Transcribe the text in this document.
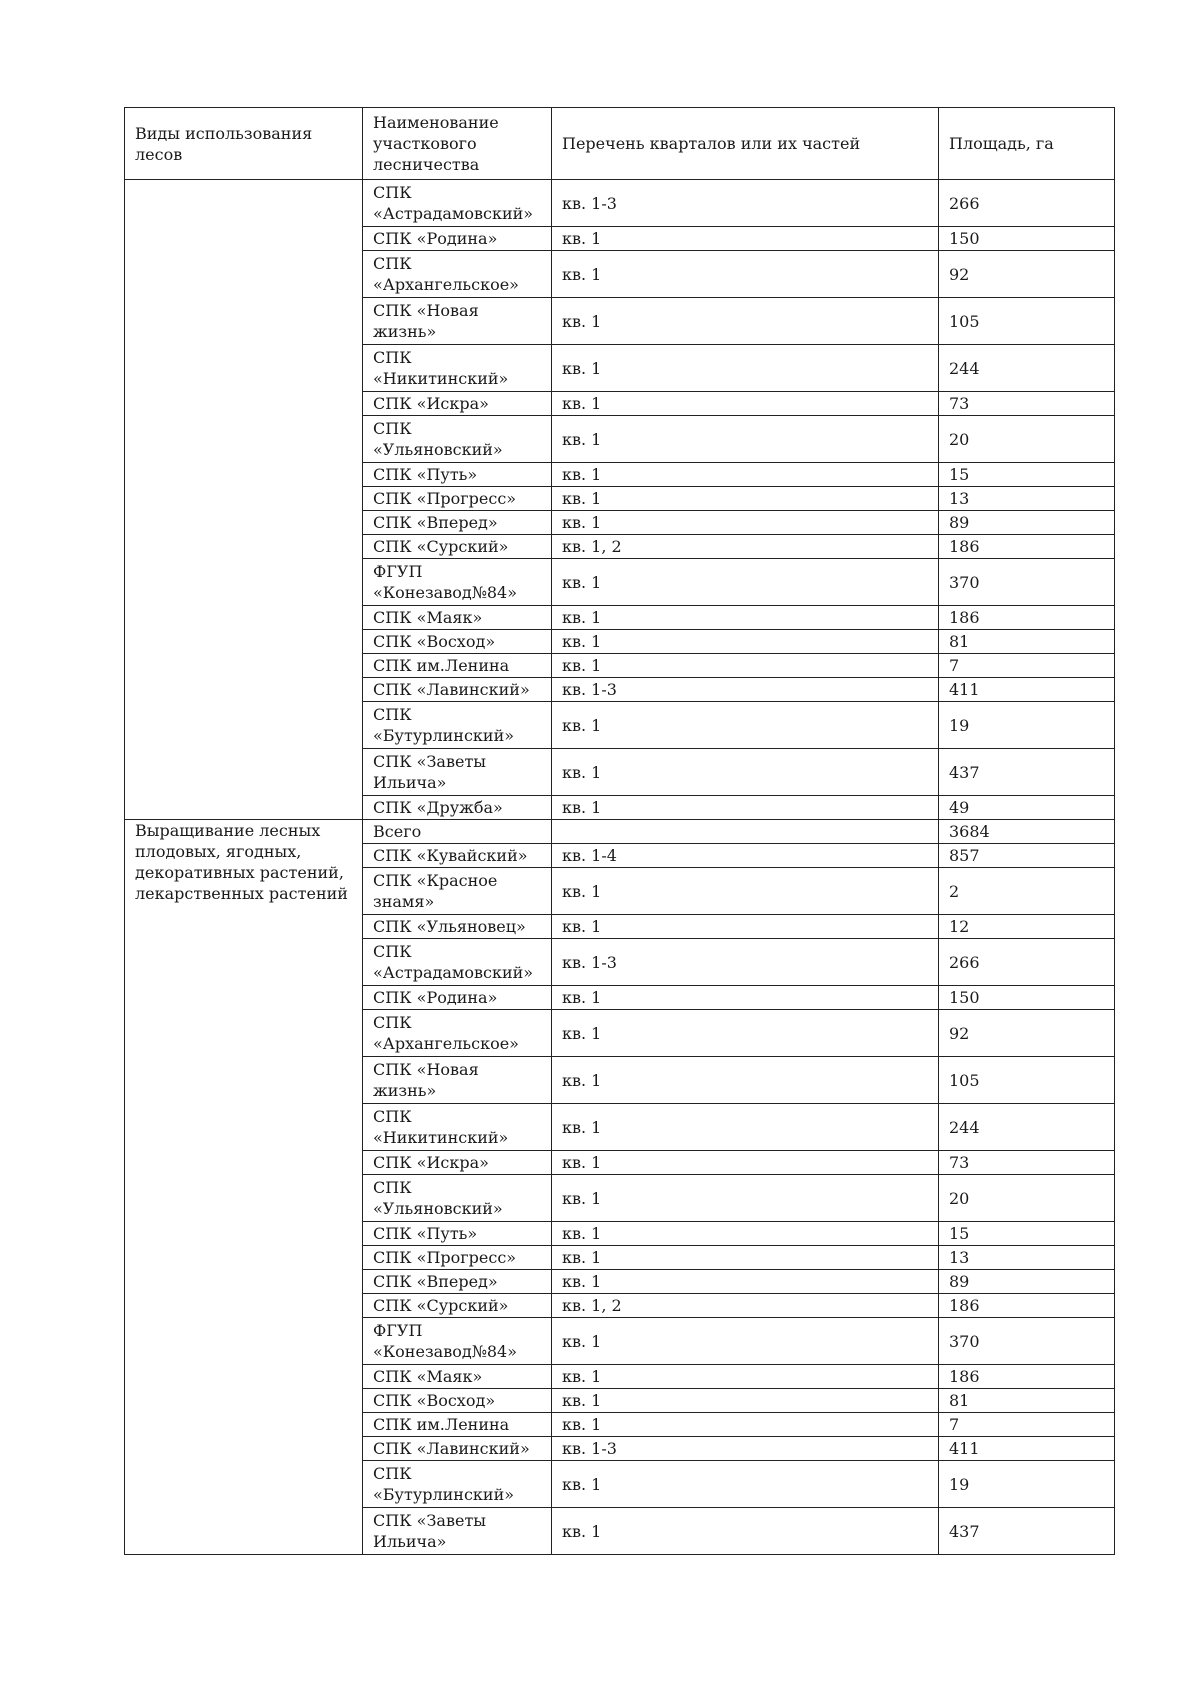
Виды использования лесов	Наименование участкового лесничества	Перечень кварталов или их частей	Площадь, га
	СПК «Астрадамовский»	кв. 1-3	266
	СПК «Родина»	кв. 1	150
	СПК «Архангельское»	кв. 1	92
	СПК «Новая жизнь»	кв. 1	105
	СПК «Никитинский»	кв. 1	244
	СПК «Искра»	кв. 1	73
	СПК «Ульяновский»	кв. 1	20
	СПК «Путь»	кв. 1	15
	СПК «Прогресс»	кв. 1	13
	СПК «Вперед»	кв. 1	89
	СПК «Сурский»	кв. 1, 2	186
	ФГУП «Конезавод№84»	кв. 1	370
	СПК «Маяк»	кв. 1	186
	СПК «Восход»	кв. 1	81
	СПК им.Ленина	кв. 1	7
	СПК «Лавинский»	кв. 1-3	411
	СПК «Бутурлинский»	кв. 1	19
	СПК «Заветы Ильича»	кв. 1	437
	СПК «Дружба»	кв. 1	49
Выращивание лесных плодовых, ягодных, декоративных растений, лекарственных растений	Всего		3684
	СПК «Кувайский»	кв. 1-4	857
	СПК «Красное знамя»	кв. 1	2
	СПК «Ульяновец»	кв. 1	12
	СПК «Астрадамовский»	кв. 1-3	266
	СПК «Родина»	кв. 1	150
	СПК «Архангельское»	кв. 1	92
	СПК «Новая жизнь»	кв. 1	105
	СПК «Никитинский»	кв. 1	244
	СПК «Искра»	кв. 1	73
	СПК «Ульяновский»	кв. 1	20
	СПК «Путь»	кв. 1	15
	СПК «Прогресс»	кв. 1	13
	СПК «Вперед»	кв. 1	89
	СПК «Сурский»	кв. 1, 2	186
	ФГУП «Конезавод№84»	кв. 1	370
	СПК «Маяк»	кв. 1	186
	СПК «Восход»	кв. 1	81
	СПК им.Ленина	кв. 1	7
	СПК «Лавинский»	кв. 1-3	411
	СПК «Бутурлинский»	кв. 1	19
	СПК «Заветы Ильича»	кв. 1	437
